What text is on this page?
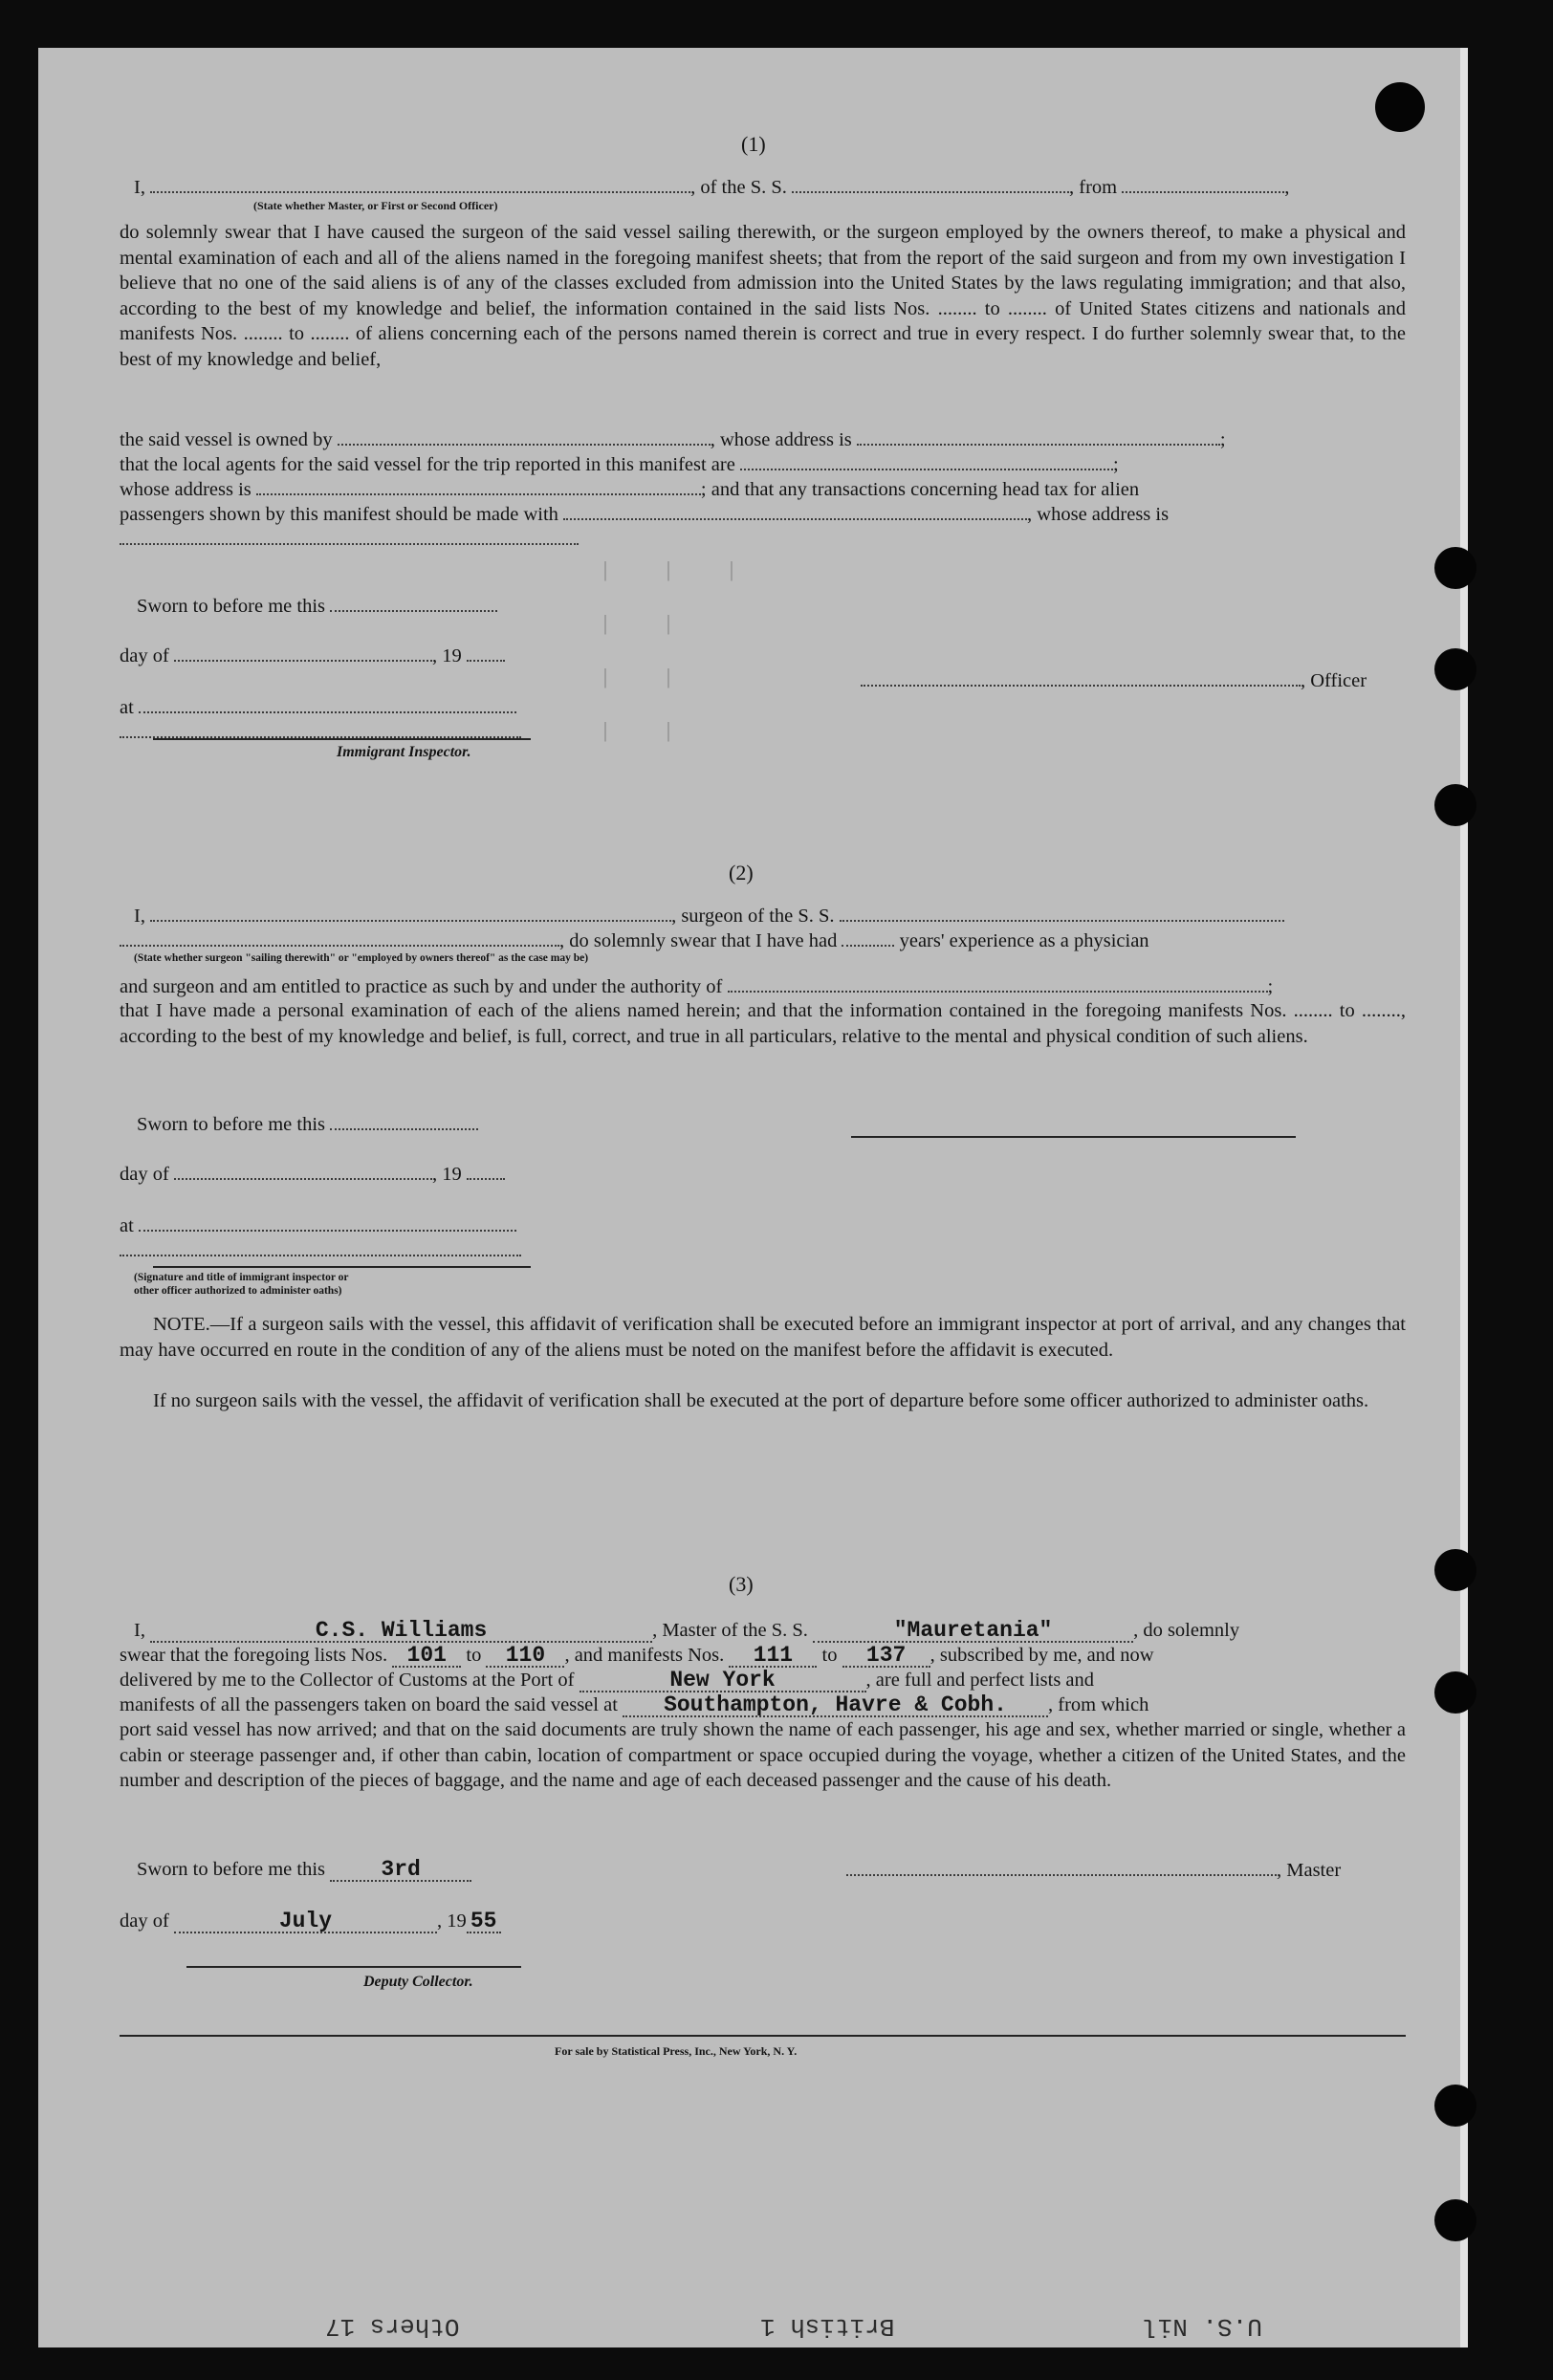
|    |    |
|    |
|    |
|    |
(1)
I,	, of the S. S.	, from	,
(State whether Master, or First or Second Officer)
do solemnly swear that I have caused the surgeon of the said vessel sailing therewith, or the surgeon employed by the owners thereof, to make a physical and mental examination of each and all of the aliens named in the foregoing manifest sheets; that from the report of the said surgeon and from my own investigation I believe that no one of the said aliens is of any of the classes excluded from admission into the United States by the laws regulating immigration; and that also, according to the best of my knowledge and belief, the information contained in the said lists Nos. ........ to ........ of United States citizens and nationals and manifests Nos. ........ to ........ of aliens concerning each of the persons named therein is correct and true in every respect. I do further solemnly swear that, to the best of my knowledge and belief,
the said vessel is owned by	, whose address is	;
that the local agents for the said vessel for the trip reported in this manifest are	;
whose address is	; and that any transactions concerning head tax for alien
passengers shown by this manifest should be made with	, whose address is
Sworn to before me this
day of	, 19
at
, Officer
Immigrant Inspector.
(2)
I,	, surgeon of the S. S.
, do solemnly swear that I have had	years' experience as a physician
(State whether surgeon "sailing therewith" or "employed by owners thereof" as the case may be)
and surgeon and am entitled to practice as such by and under the authority of	;
that I have made a personal examination of each of the aliens named herein; and that the information contained in the foregoing manifests Nos. ........ to ........, according to the best of my knowledge and belief, is full, correct, and true in all particulars, relative to the mental and physical condition of such aliens.
Sworn to before me this
day of	, 19
at
(Signature and title of immigrant inspector or
other officer authorized to administer oaths)
NOTE.—If a surgeon sails with the vessel, this affidavit of verification shall be executed before an immigrant inspector at port of arrival, and any changes that may have occurred en route in the condition of any of the aliens must be noted on the manifest before the affidavit is executed.
If no surgeon sails with the vessel, the affidavit of verification shall be executed at the port of departure before some officer authorized to administer oaths.
(3)
I,	C.S. Williams	, Master of the S. S.	"Mauretania"	, do solemnly
swear that the foregoing lists Nos. 101 to 110 , and manifests Nos. 111 to 137 , subscribed by me, and now
delivered by me to the Collector of Customs at the Port of	New York	, are full and perfect lists and
manifests of all the passengers taken on board the said vessel at Southampton, Havre & Cobh. , from which
port said vessel has now arrived; and that on the said documents are truly shown the name of each passenger, his age and sex, whether married or single, whether a cabin or steerage passenger and, if other than cabin, location of compartment or space occupied during the voyage, whether a citizen of the United States, and the number and description of the pieces of baggage, and the name and age of each deceased passenger and the cause of his death.
Sworn to before me this	3rd	, Master
day of	July	, 19 55
Deputy Collector.
For sale by Statistical Press, Inc., New York, N. Y.
Others 17	British 1	U.S. Nil
